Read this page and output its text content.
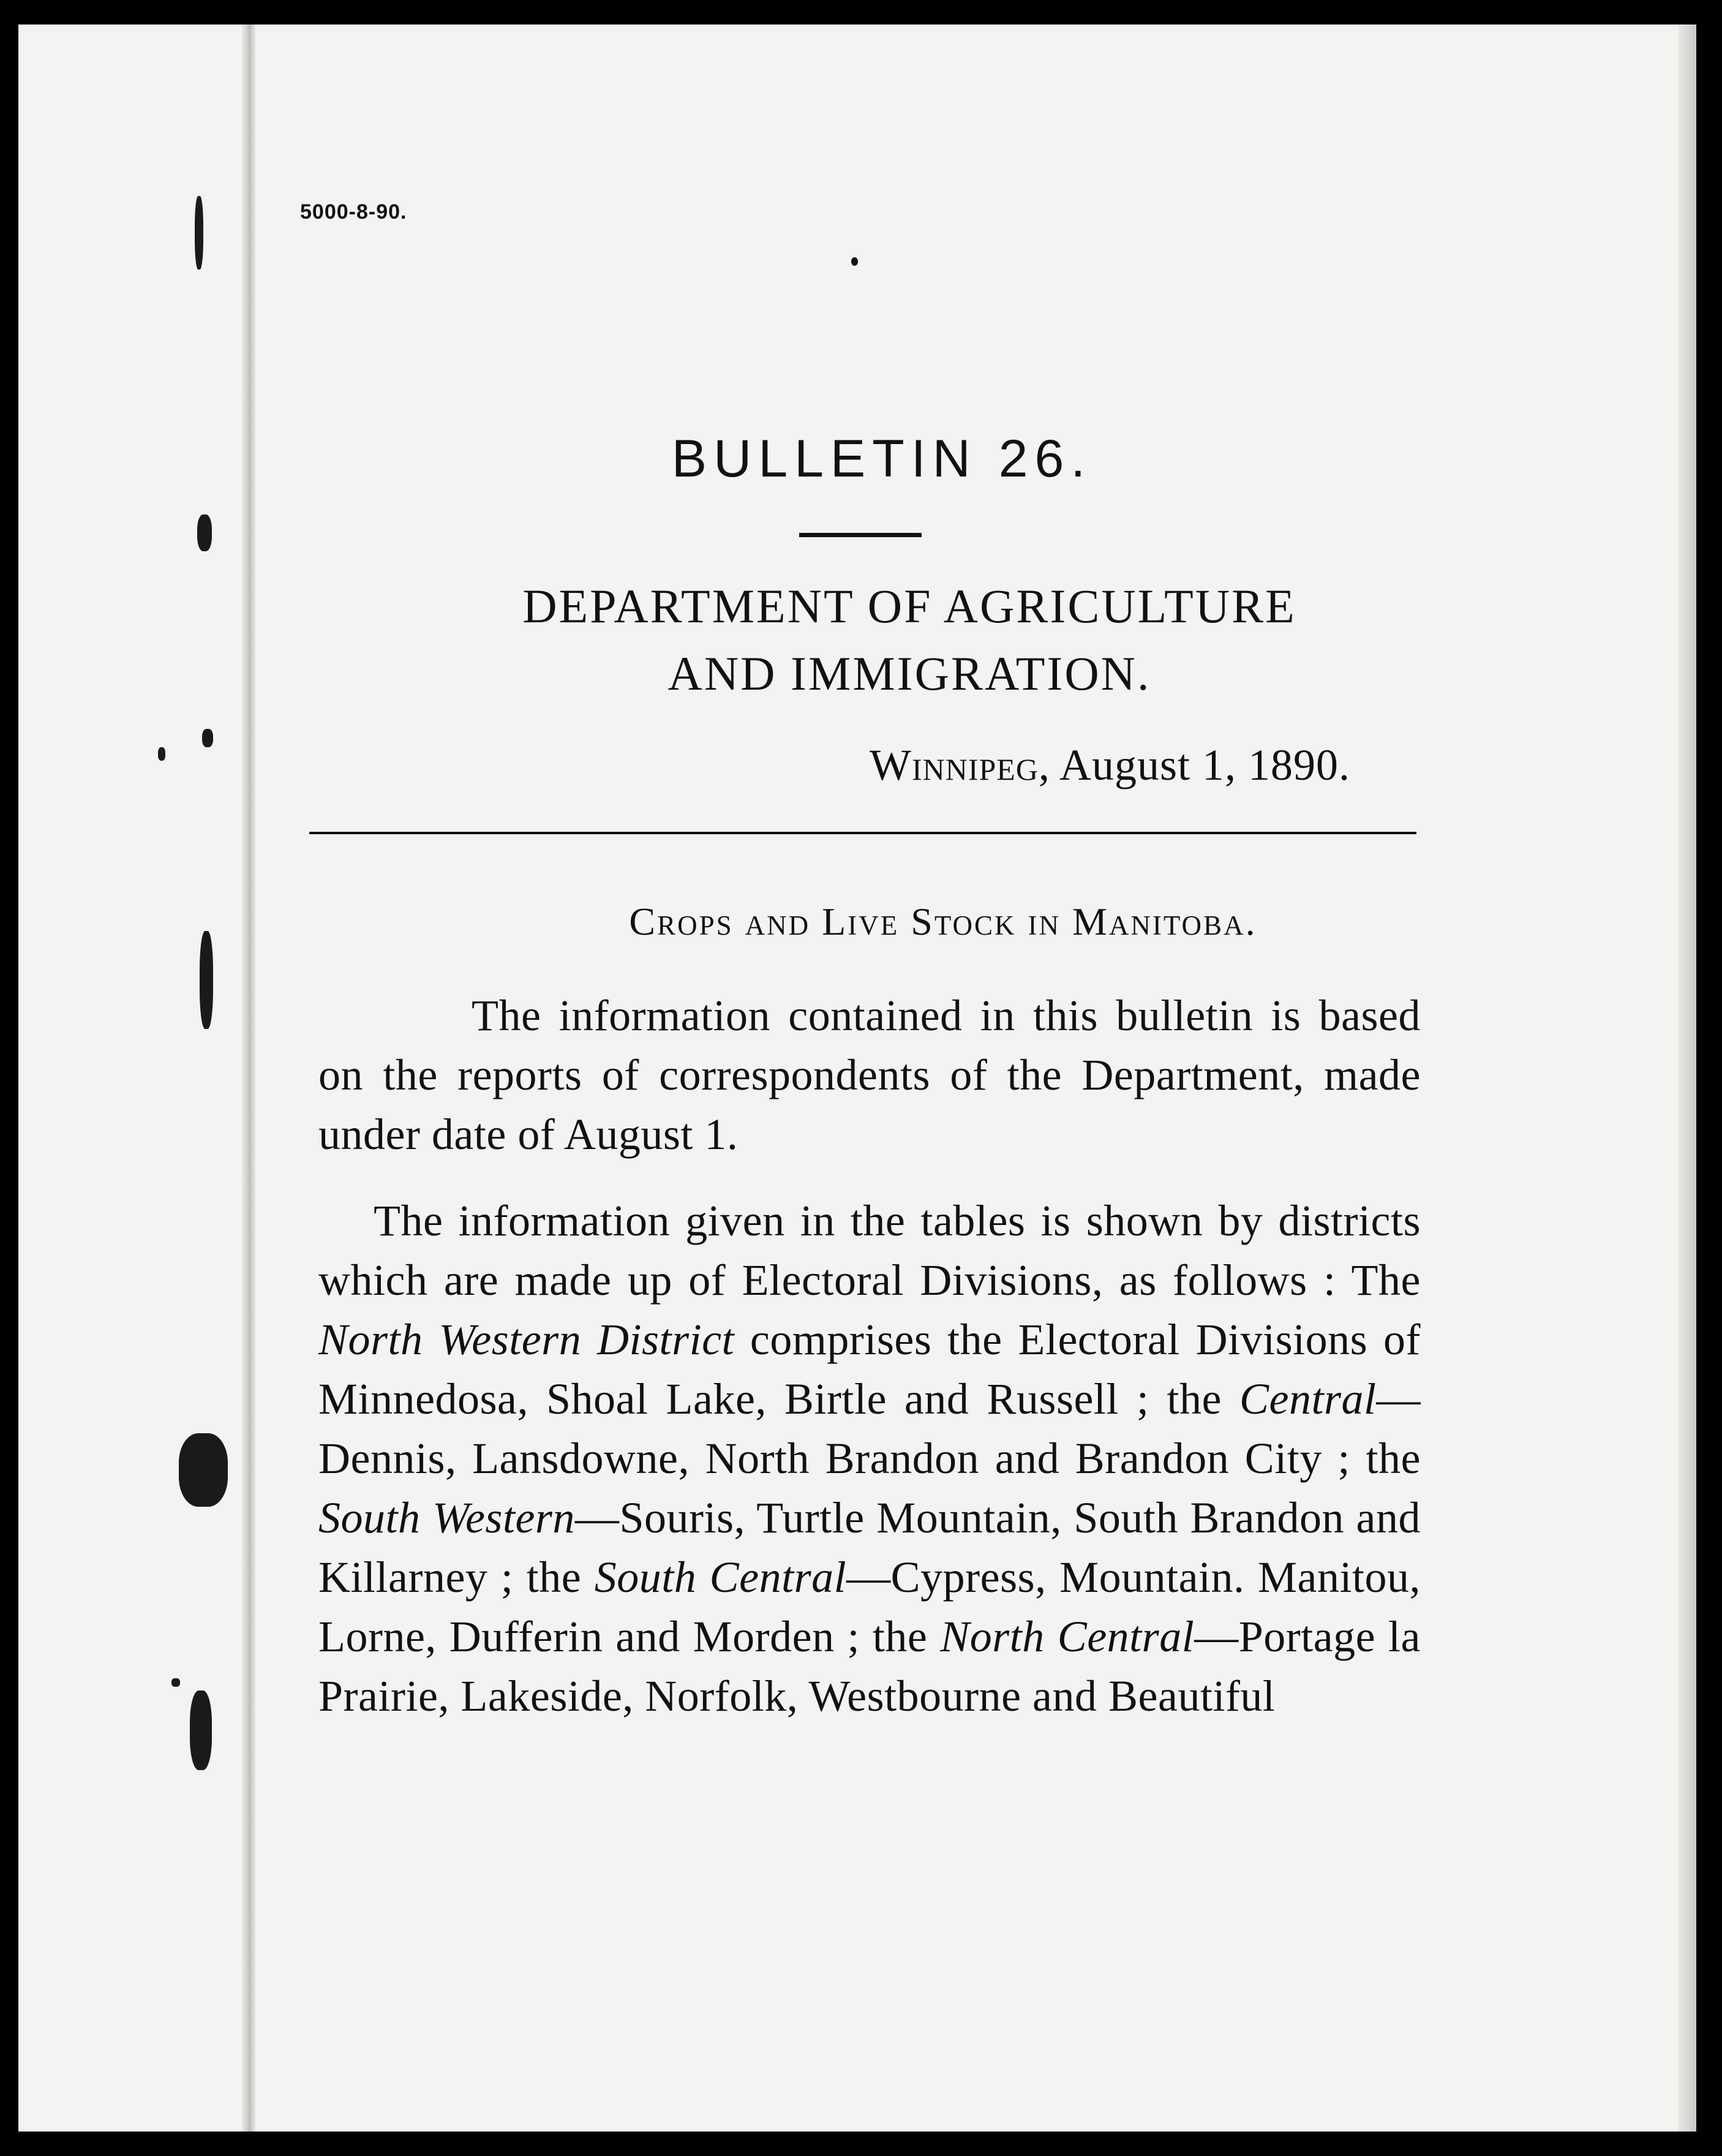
5000-8-90.
BULLETIN 26.
DEPARTMENT OF AGRICULTURE
AND IMMIGRATION.
Winnipeg, August 1, 1890.
Crops and Live Stock in Manitoba.
The information contained in this bulletin is based on the reports of correspondents of the Department, made under date of August 1.
The information given in the tables is shown by districts which are made up of Electoral Divisions, as follows : The North Western District comprises the Electoral Divisions of Minnedosa, Shoal Lake, Birtle and Russell ; the Central—Dennis, Lansdowne, North Brandon and Brandon City ; the South Western—Souris, Turtle Mountain, South Brandon and Killarney ; the South Central—Cypress, Mountain. Manitou, Lorne, Dufferin and Morden ; the North Central—Portage la Prairie, Lakeside, Norfolk, Westbourne and Beautiful
